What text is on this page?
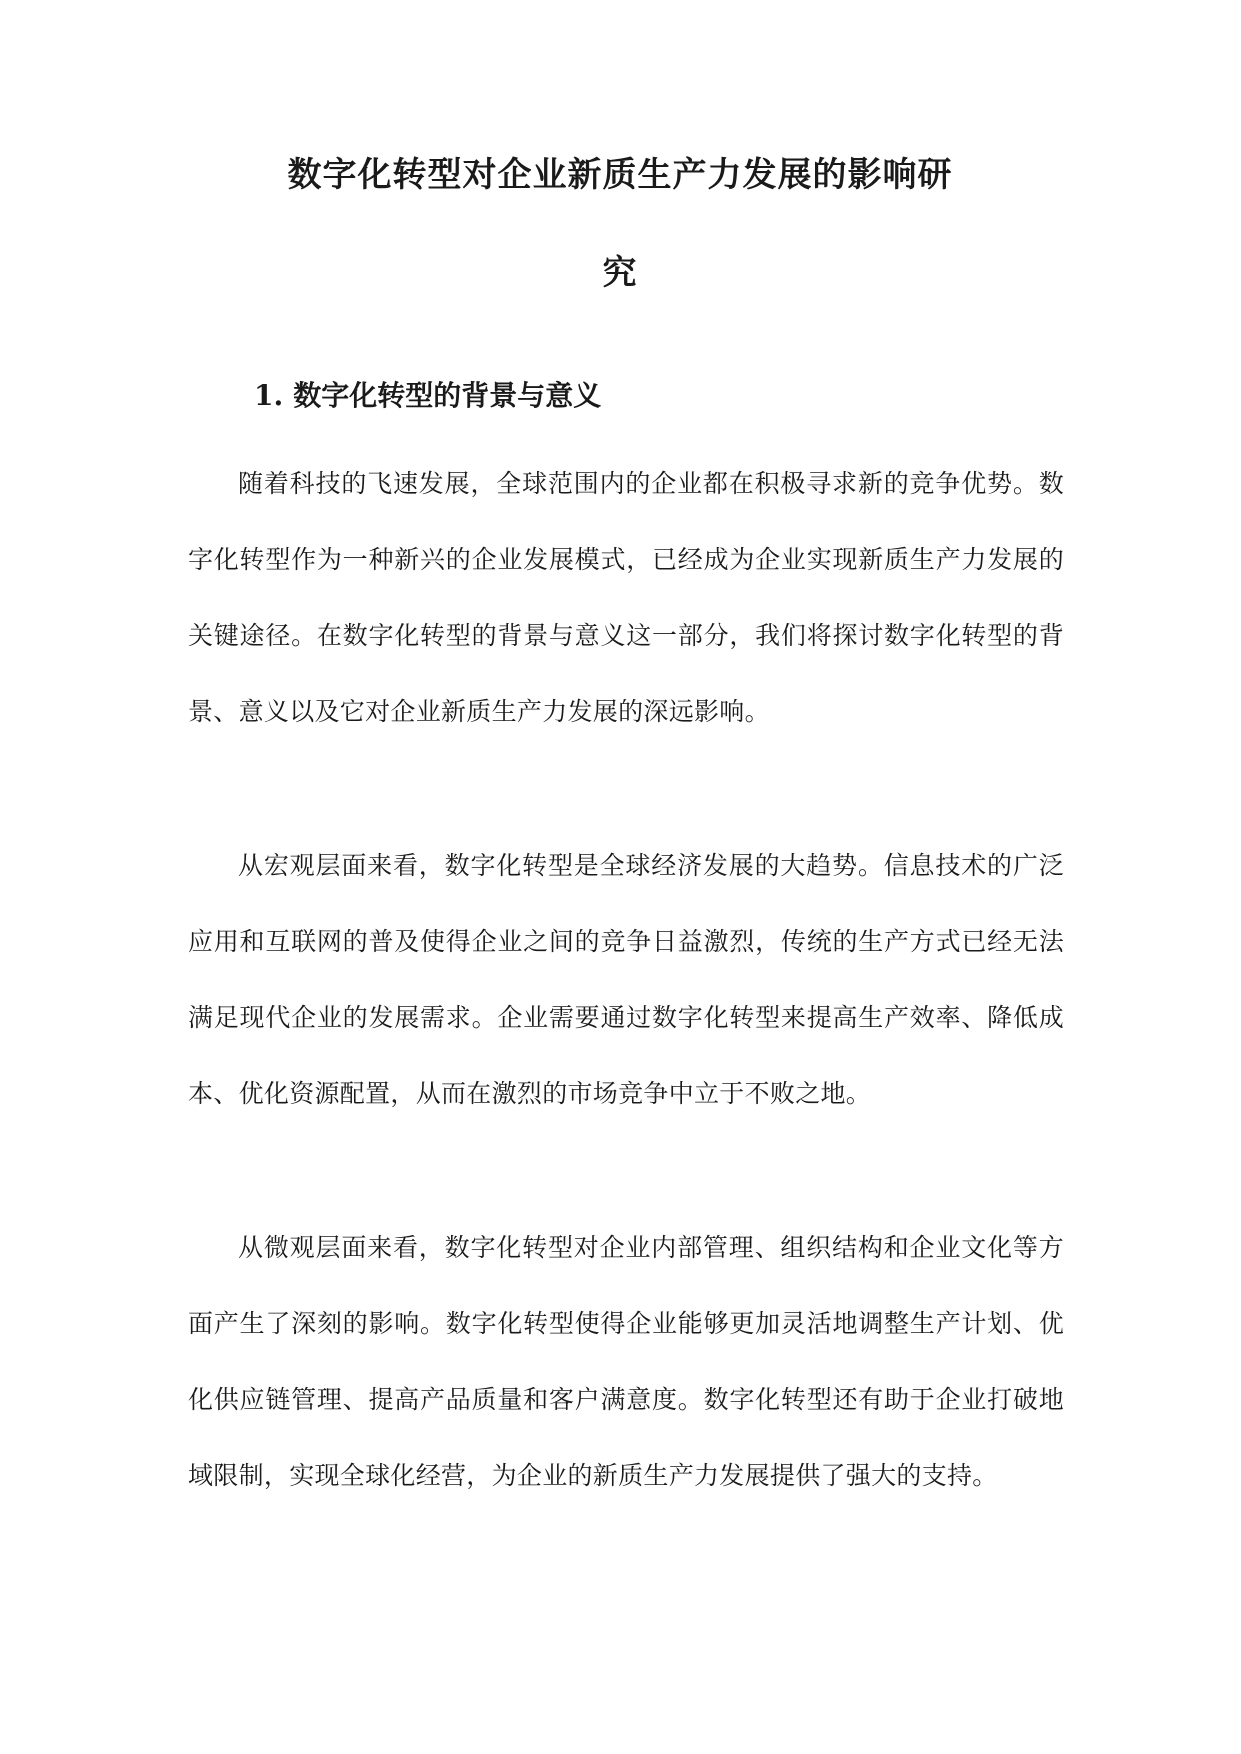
数字化转型对企业新质生产力发展的影响研
究
1. 数字化转型的背景与意义

随着科技的飞速发展，全球范围内的企业都在积极寻求新的竞争优势。数字化转型作为一种新兴的企业发展模式，已经成为企业实现新质生产力发展的关键途径。在数字化转型的背景与意义这一部分，我们将探讨数字化转型的背景、意义以及它对企业新质生产力发展的深远影响。

从宏观层面来看，数字化转型是全球经济发展的大趋势。信息技术的广泛应用和互联网的普及使得企业之间的竞争日益激烈，传统的生产方式已经无法满足现代企业的发展需求。企业需要通过数字化转型来提高生产效率、降低成本、优化资源配置，从而在激烈的市场竞争中立于不败之地。

从微观层面来看，数字化转型对企业内部管理、组织结构和企业文化等方面产生了深刻的影响。数字化转型使得企业能够更加灵活地调整生产计划、优化供应链管理、提高产品质量和客户满意度。数字化转型还有助于企业打破地域限制，实现全球化经营，为企业的新质生产力发展提供了强大的支持。
